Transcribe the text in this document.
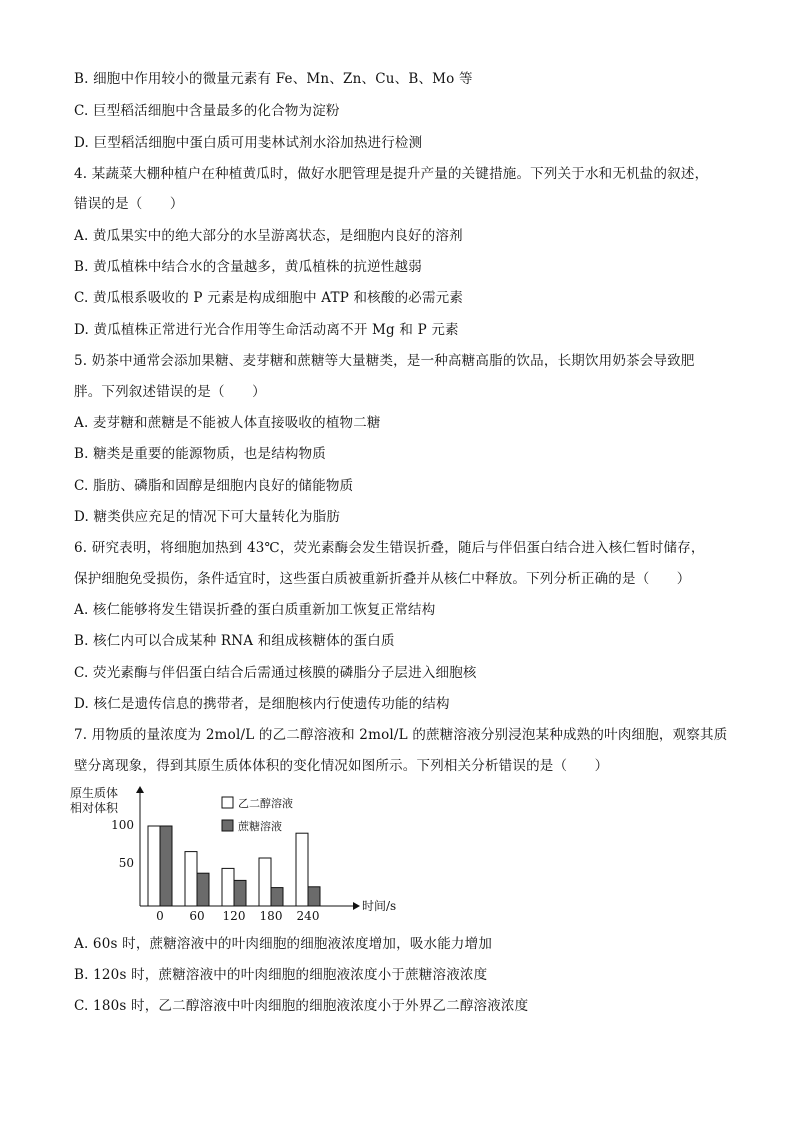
B. 细胞中作用较小的微量元素有 Fe、Mn、Zn、Cu、B、Mo 等
C. 巨型稻活细胞中含量最多的化合物为淀粉
D. 巨型稻活细胞中蛋白质可用斐林试剂水浴加热进行检测
4. 某蔬菜大棚种植户在种植黄瓜时，做好水肥管理是提升产量的关键措施。下列关于水和无机盐的叙述，
错误的是（　　）
A. 黄瓜果实中的绝大部分的水呈游离状态，是细胞内良好的溶剂
B. 黄瓜植株中结合水的含量越多，黄瓜植株的抗逆性越弱
C. 黄瓜根系吸收的 P 元素是构成细胞中 ATP 和核酸的必需元素
D. 黄瓜植株正常进行光合作用等生命活动离不开 Mg 和 P 元素
5. 奶茶中通常会添加果糖、麦芽糖和蔗糖等大量糖类，是一种高糖高脂的饮品，长期饮用奶茶会导致肥
胖。下列叙述错误的是（　　）
A. 麦芽糖和蔗糖是不能被人体直接吸收的植物二糖
B. 糖类是重要的能源物质，也是结构物质
C. 脂肪、磷脂和固醇是细胞内良好的储能物质
D. 糖类供应充足的情况下可大量转化为脂肪
6. 研究表明，将细胞加热到 43℃，荧光素酶会发生错误折叠，随后与伴侣蛋白结合进入核仁暂时储存，
保护细胞免受损伤，条件适宜时，这些蛋白质被重新折叠并从核仁中释放。下列分析正确的是（　　）
A. 核仁能够将发生错误折叠的蛋白质重新加工恢复正常结构
B. 核仁内可以合成某种 RNA 和组成核糖体的蛋白质
C. 荧光素酶与伴侣蛋白结合后需通过核膜的磷脂分子层进入细胞核
D. 核仁是遗传信息的携带者，是细胞核内行使遗传功能的结构
7. 用物质的量浓度为 2mol/L 的乙二醇溶液和 2mol/L 的蔗糖溶液分别浸泡某种成熟的叶肉细胞，观察其质
壁分离现象，得到其原生质体体积的变化情况如图所示。下列相关分析错误的是（　　）
A. 60s 时，蔗糖溶液中的叶肉细胞的细胞液浓度增加，吸水能力增加
B. 120s 时，蔗糖溶液中的叶肉细胞的细胞液浓度小于蔗糖溶液浓度
C. 180s 时，乙二醇溶液中叶肉细胞的细胞液浓度小于外界乙二醇溶液浓度
原生质体
相对体积
时间/s
100
50
0 60 120 180 240
乙二醇溶液
蔗糖溶液
